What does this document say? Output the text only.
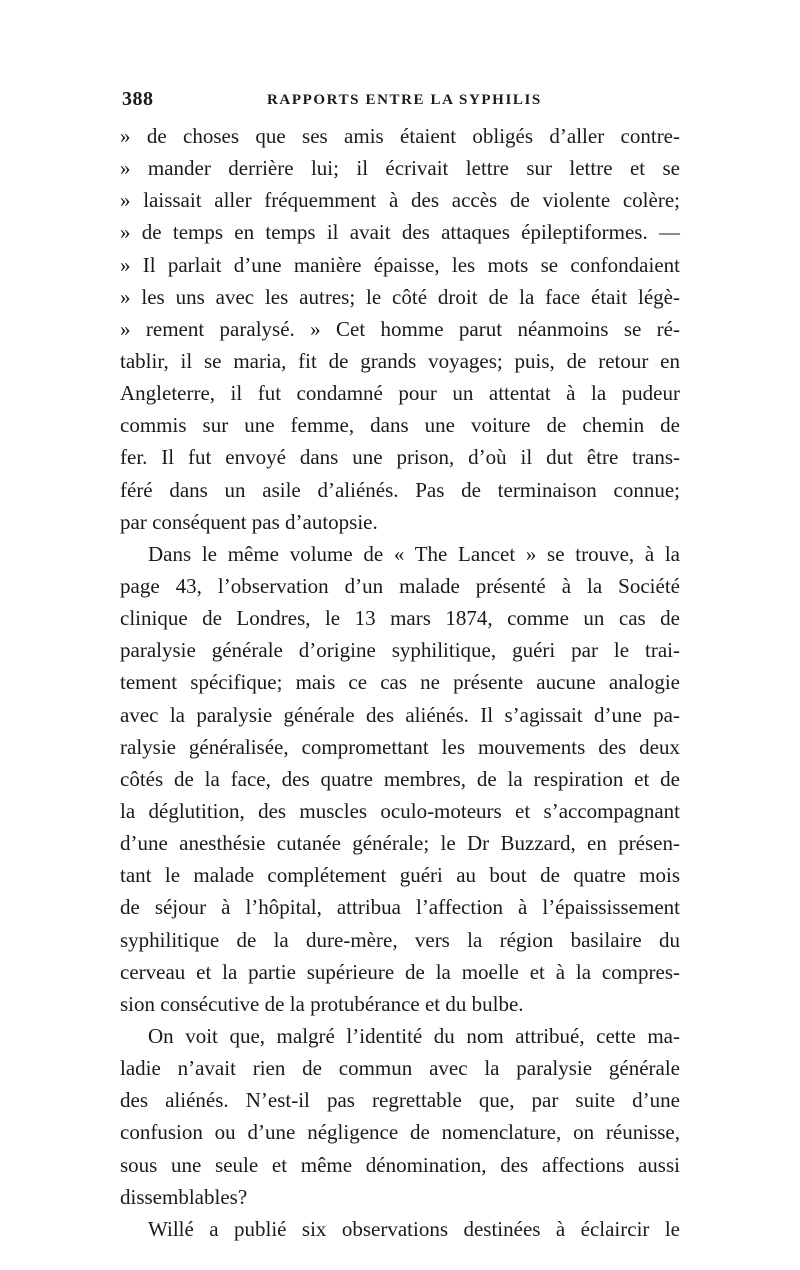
388	RAPPORTS ENTRE LA SYPHILIS
» de choses que ses amis étaient obligés d’aller contre-
» mander derrière lui; il écrivait lettre sur lettre et se
» laissait aller fréquemment à des accès de violente colère;
» de temps en temps il avait des attaques épileptiformes. —
» Il parlait d’une manière épaisse, les mots se confondaient
» les uns avec les autres; le côté droit de la face était légè-
» rement paralysé. » Cet homme parut néanmoins se ré-
tablir, il se maria, fit de grands voyages; puis, de retour en
Angleterre, il fut condamné pour un attentat à la pudeur
commis sur une femme, dans une voiture de chemin de
fer. Il fut envoyé dans une prison, d’où il dut être trans-
féré dans un asile d’aliénés. Pas de terminaison connue;
par conséquent pas d’autopsie.
Dans le même volume de « The Lancet » se trouve, à la
page 43, l’observation d’un malade présenté à la Société
clinique de Londres, le 13 mars 1874, comme un cas de
paralysie générale d’origine syphilitique, guéri par le trai-
tement spécifique; mais ce cas ne présente aucune analogie
avec la paralysie générale des aliénés. Il s’agissait d’une pa-
ralysie généralisée, compromettant les mouvements des deux
côtés de la face, des quatre membres, de la respiration et de
la déglutition, des muscles oculo-moteurs et s’accompagnant
d’une anesthésie cutanée générale; le Dr Buzzard, en présen-
tant le malade complétement guéri au bout de quatre mois
de séjour à l’hôpital, attribua l’affection à l’épaississement
syphilitique de la dure-mère, vers la région basilaire du
cerveau et la partie supérieure de la moelle et à la compres-
sion consécutive de la protubérance et du bulbe.
On voit que, malgré l’identité du nom attribué, cette ma-
ladie n’avait rien de commun avec la paralysie générale
des aliénés. N’est-il pas regrettable que, par suite d’une
confusion ou d’une négligence de nomenclature, on réunisse,
sous une seule et même dénomination, des affections aussi
dissemblables?
Willé a publié six observations destinées à éclaircir le
